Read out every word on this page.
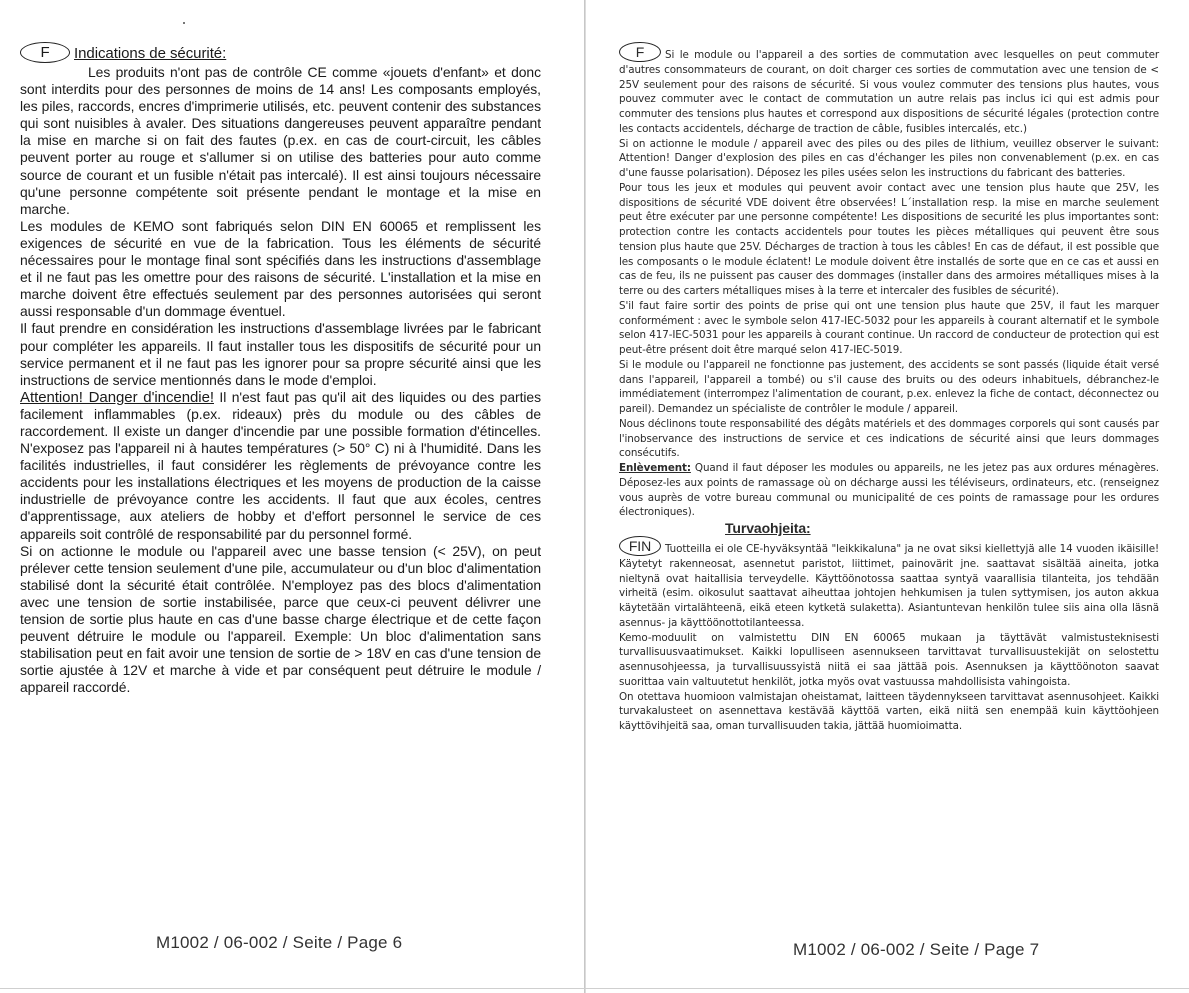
F Indications de sécurité:

Les produits n'ont pas de contrôle CE comme «jouets d'enfant» et donc sont interdits pour des personnes de moins de 14 ans! Les composants employés, les piles, raccords, encres d'imprimerie utilisés, etc. peuvent contenir des substances qui sont nuisibles à avaler. Des situations dangereuses peuvent apparaître pendant la mise en marche si on fait des fautes (p.ex. en cas de court-circuit, les câbles peuvent porter au rouge et s'allumer si on utilise des batteries pour auto comme source de courant et un fusible n'était pas intercalé). Il est ainsi toujours nécessaire qu'une personne compétente soit présente pendant le montage et la mise en marche.

Les modules de KEMO sont fabriqués selon DIN EN 60065 et remplissent les exigences de sécurité en vue de la fabrication. Tous les éléments de sécurité nécessaires pour le montage final sont spécifiés dans les instructions d'assemblage et il ne faut pas les omettre pour des raisons de sécurité. L'installation et la mise en marche doivent être effectués seulement par des personnes autorisées qui seront aussi responsable d'un dommage éventuel.

Il faut prendre en considération les instructions d'assemblage livrées par le fabricant pour compléter les appareils. Il faut installer tous les dispositifs de sécurité pour un service permanent et il ne faut pas les ignorer pour sa propre sécurité ainsi que les instructions de service mentionnés dans le mode d'emploi.

Attention! Danger d'incendie! Il n'est faut pas qu'il ait des liquides ou des parties facilement inflammables (p.ex. rideaux) près du module ou des câbles de raccordement. Il existe un danger d'incendie par une possible formation d'étincelles. N'exposez pas l'appareil ni à hautes températures (> 50° C) ni à l'humidité. Dans les facilités industrielles, il faut considérer les règlements de prévoyance contre les accidents pour les installations électriques et les moyens de production de la caisse industrielle de prévoyance contre les accidents. Il faut que aux écoles, centres d'apprentissage, aux ateliers de hobby et d'effort personnel le service de ces appareils soit contrôlé de responsabilité par du personnel formé.

Si on actionne le module ou l'appareil avec une basse tension (< 25V), on peut prélever cette tension seulement d'une pile, accumulateur ou d'un bloc d'alimentation stabilisé dont la sécurité était contrôlée. N'employez pas des blocs d'alimentation avec une tension de sortie instabilisée, parce que ceux-ci peuvent délivrer une tension de sortie plus haute en cas d'une basse charge électrique et de cette façon peuvent détruire le module ou l'appareil. Exemple: Un bloc d'alimentation sans stabilisation peut en fait avoir une tension de sortie de > 18V en cas d'une tension de sortie ajustée à 12V et marche à vide et par conséquent peut détruire le module / appareil raccordé.

M1002 / 06-002 / Seite / Page 6

F Si le module ou l'appareil a des sorties de commutation avec lesquelles on peut commuter d'autres consommateurs de courant, on doit charger ces sorties de commutation avec une tension de < 25V seulement pour des raisons de sécurité. Si vous voulez commuter des tensions plus hautes, vous pouvez commuter avec le contact de commutation un autre relais pas inclus ici qui est admis pour commuter des tensions plus hautes et correspond aux dispositions de sécurité légales (protection contre les contacts accidentels, décharge de traction de câble, fusibles intercalés, etc.)

Si on actionne le module / appareil avec des piles ou des piles de lithium, veuillez observer le suivant: Attention! Danger d'explosion des piles en cas d'échanger les piles non convenablement (p.ex. en cas d'une fausse polarisation). Déposez les piles usées selon les instructions du fabricant des batteries.

Pour tous les jeux et modules qui peuvent avoir contact avec une tension plus haute que 25V, les dispositions de sécurité VDE doivent être observées! L´installation resp. la mise en marche seulement peut être exécuter par une personne compétente! Les dispositions de securité les plus importantes sont: protection contre les contacts accidentels pour toutes les pièces métalliques qui peuvent être sous tension plus haute que 25V. Décharges de traction à tous les câbles! En cas de défaut, il est possible que les composants o le module éclatent! Le module doivent être installés de sorte que en ce cas et aussi en cas de feu, ils ne puissent pas causer des dommages (installer dans des armoires métalliques mises à la terre ou des carters métalliques mises à la terre et intercaler des fusibles de sécurité).

S'il faut faire sortir des points de prise qui ont une tension plus haute que 25V, il faut les marquer conformément : avec le symbole selon 417-IEC-5032 pour les appareils à courant alternatif et le symbole selon 417-IEC-5031 pour les appareils à courant continue. Un raccord de conducteur de protection qui est peut-être présent doit être marqué selon 417-IEC-5019.

Si le module ou l'appareil ne fonctionne pas justement, des accidents se sont passés (liquide était versé dans l'appareil, l'appareil a tombé) ou s'il cause des bruits ou des odeurs inhabituels, débranchez-le immédiatement (interrompez l'alimentation de courant, p.ex. enlevez la fiche de contact, déconnectez ou pareil). Demandez un spécialiste de contrôler le module / appareil.

Nous déclinons toute responsabilité des dégâts matériels et des dommages corporels qui sont causés par l'inobservance des instructions de service et ces indications de sécurité ainsi que leurs dommages consécutifs.

Enlèvement: Quand il faut déposer les modules ou appareils, ne les jetez pas aux ordures ménagères. Déposez-les aux points de ramassage où on décharge aussi les téléviseurs, ordinateurs, etc. (renseignez vous auprès de votre bureau communal ou municipalité de ces points de ramassage pour les ordures électroniques).

Turvaohjeita:

FIN Tuotteilla ei ole CE-hyväksyntää "leikkikaluna" ja ne ovat siksi kiellettyjä alle 14 vuoden ikäisille! Käytetyt rakenneosat, asennetut paristot, liittimet, painovärit jne. saattavat sisältää aineita, jotka nieltynä ovat haitallisia terveydelle. Käyttöönotossa saattaa syntyä vaarallisia tilanteita, jos tehdään virheitä (esim. oikosulut saattavat aiheuttaa johtojen hehkumisen ja tulen syttymisen, jos auton akkua käytetään virtalähteenä, eikä eteen kytketä sulaketta). Asiantuntevan henkilön tulee siis aina olla läsnä asennus- ja käyttöönottotilanteessa.

Kemo-moduulit on valmistettu DIN EN 60065 mukaan ja täyttävät valmistusteknisesti turvallisuusvaatimukset. Kaikki lopulliseen asennukseen tarvittavat turvallisuustekijät on selostettu asennusohjeessa, ja turvallisuussyistä niitä ei saa jättää pois. Asennuksen ja käyttöönoton saavat suorittaa vain valtuutetut henkilöt, jotka myös ovat vastuussa mahdollisista vahingoista.

On otettava huomioon valmistajan oheistamat, laitteen täydennykseen tarvittavat asennusohjeet. Kaikki turvakalusteet on asennettava kestävää käyttöä varten, eikä niitä sen enempää kuin käyttöohjeen käyttövihjeitä saa, oman turvallisuuden takia, jättää huomioimatta.

M1002 / 06-002 / Seite / Page 7
